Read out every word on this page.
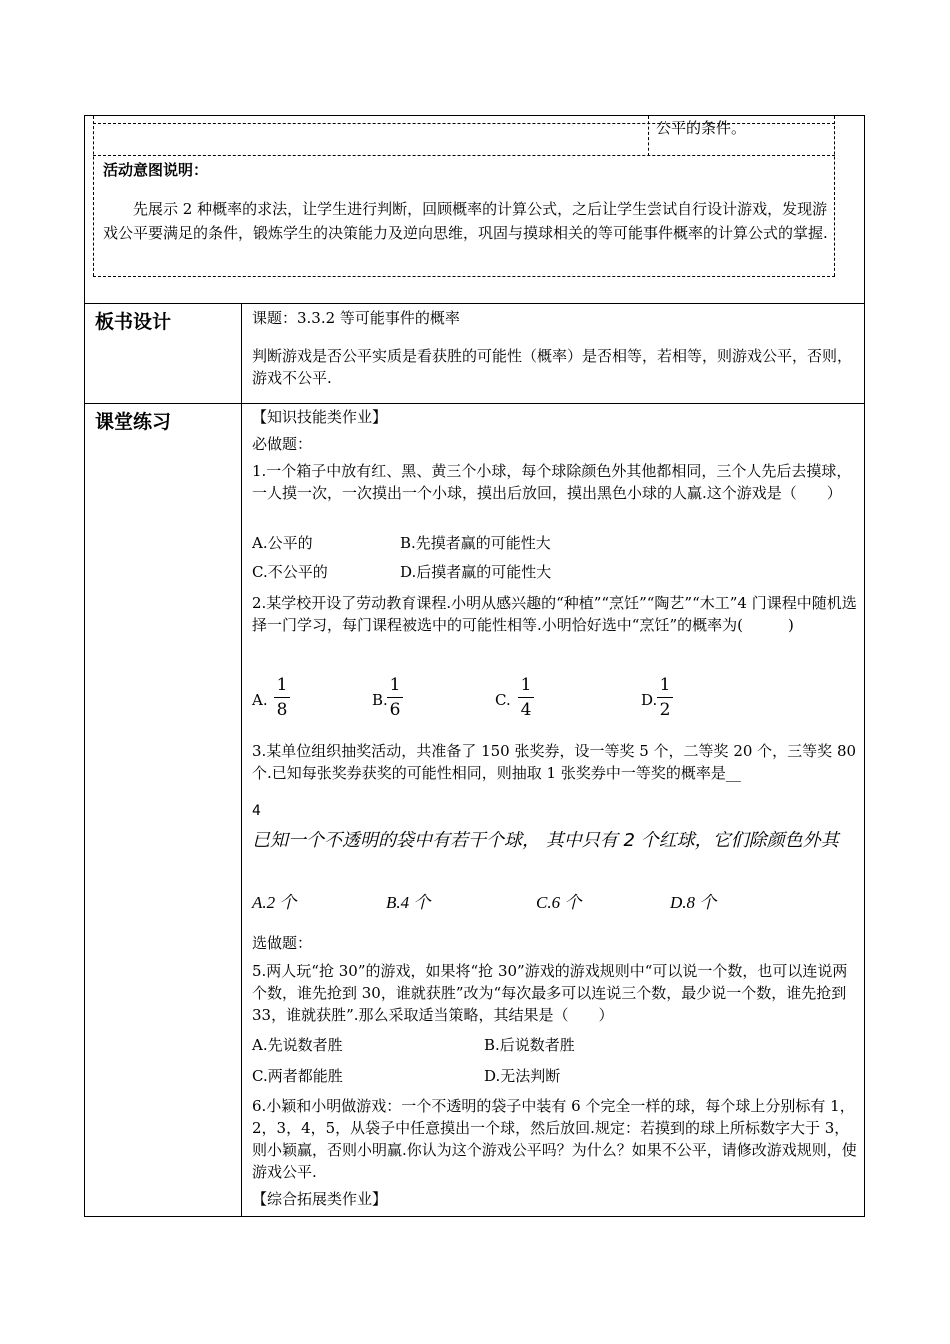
公平的条件。
活动意图说明：
先展示 2 种概率的求法，让学生进行判断，回顾概率的计算公式，之后让学生尝试自行设计游戏，发现游戏公平要满足的条件，锻炼学生的决策能力及逆向思维，巩固与摸球相关的等可能事件概率的计算公式的掌握.
板书设计	课题：3.3.2 等可能事件的概率
判断游戏是否公平实质是看获胜的可能性（概率）是否相等，若相等，则游戏公平，否则，游戏不公平.
课堂练习	【知识技能类作业】
必做题：
1.一个箱子中放有红、黑、黄三个小球，每个球除颜色外其他都相同，三个人先后去摸球，一人摸一次，一次摸出一个小球，摸出后放回，摸出黑色小球的人赢.这个游戏是（　　）
A.公平的	B.先摸者赢的可能性大
C.不公平的	D.后摸者赢的可能性大
2.某学校开设了劳动教育课程.小明从感兴趣的“种植”“烹饪”“陶艺”“木工”4 门课程中随机选择一门学习，每门课程被选中的可能性相等.小明恰好选中“烹饪”的概率为(　　　)
A.
1
8	B.
1
6	C.
1
4	D.
1
2
3.某单位组织抽奖活动，共准备了 150 张奖券，设一等奖 5 个，二等奖 20 个，三等奖 80 个.已知每张奖券获奖的可能性相同，则抽取 1 张奖券中一等奖的概率是__
4
已知一个不透明的袋中有若干个球， 其中只有 2 个红球，它们除颜色外其
A.2 个	B.4 个	C.6 个	D.8 个
选做题：
5.两人玩“抢 30”的游戏，如果将“抢 30”游戏的游戏规则中“可以说一个数，也可以连说两个数，谁先抢到 30，谁就获胜”改为“每次最多可以连说三个数，最少说一个数，谁先抢到 33，谁就获胜”.那么采取适当策略，其结果是（　　）
A.先说数者胜	B.后说数者胜
C.两者都能胜	D.无法判断
6.小颖和小明做游戏：一个不透明的袋子中装有 6 个完全一样的球，每个球上分别标有 1，2，3，4，5，从袋子中任意摸出一个球，然后放回.规定：若摸到的球上所标数字大于 3，则小颖赢，否则小明赢.你认为这个游戏公平吗？为什么？如果不公平，请修改游戏规则，使游戏公平.
【综合拓展类作业】
